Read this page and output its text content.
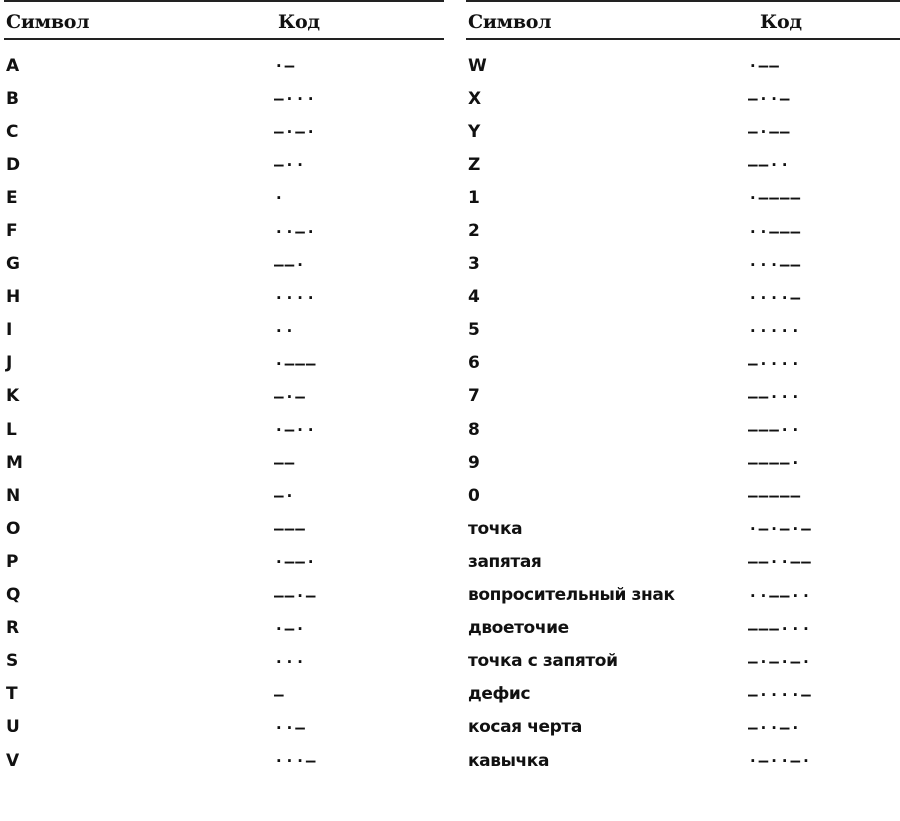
Символ	Код
A	·–
B	–···
C	–·–·
D	–··
E	·
F	··–·
G	––·
H	····
I	··
J	·–––
K	–·–
L	·–··
M	––
N	–·
O	–––
P	·––·
Q	––·–
R	·–·
S	···
T	–
U	··–
V	···–
Символ	Код
W	·––
X	–··–
Y	–·––
Z	––··
1	·––––
2	··–––
3	···––
4	····–
5	·····
6	–····
7	––···
8	–––··
9	––––·
0	–––––
точка	·–·–·–
запятая	––··––
вопросительный знак	··––··
двоеточие	–––···
точка с запятой	–·–·–·
дефис	–····–
косая черта	–··–·
кавычка	·–··–·
